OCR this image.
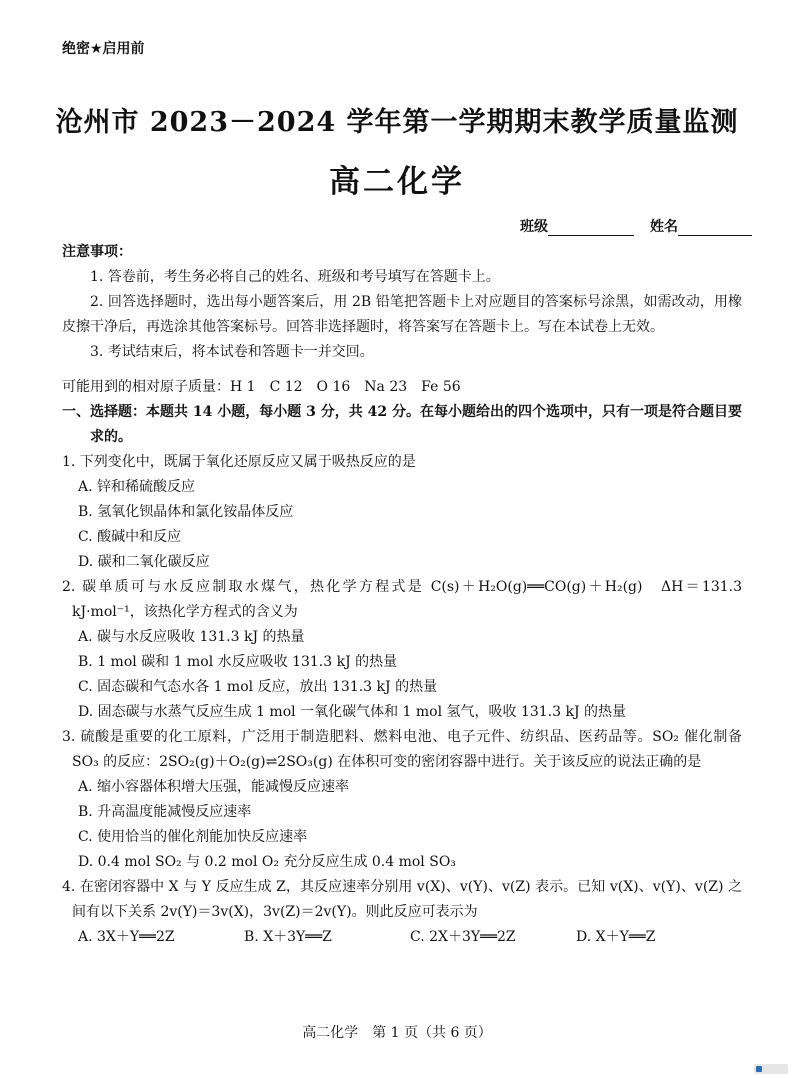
绝密★启用前
沧州市 2023－2024 学年第一学期期末教学质量监测
高二化学
班级	姓名
注意事项：

1. 答卷前，考生务必将自己的姓名、班级和考号填写在答题卡上。

2. 回答选择题时，选出每小题答案后，用 2B 铅笔把答题卡上对应题目的答案标号涂黑，如需改动，用橡皮擦干净后，再选涂其他答案标号。回答非选择题时，将答案写在答题卡上。写在本试卷上无效。

3. 考试结束后，将本试卷和答题卡一并交回。

可能用到的相对原子质量：H 1　C 12　O 16　Na 23　Fe 56
一、选择题：本题共 14 小题，每小题 3 分，共 42 分。在每小题给出的四个选项中，只有一项是符合题目要求的。

1. 下列变化中，既属于氧化还原反应又属于吸热反应的是

A. 锌和稀硫酸反应

B. 氢氧化钡晶体和氯化铵晶体反应

C. 酸碱中和反应

D. 碳和二氧化碳反应

2. 碳单质可与水反应制取水煤气，热化学方程式是 C(s)＋H₂O(g)══CO(g)＋H₂(g)　ΔH＝131.3 kJ·mol⁻¹，该热化学方程式的含义为

A. 碳与水反应吸收 131.3 kJ 的热量

B. 1 mol 碳和 1 mol 水反应吸收 131.3 kJ 的热量

C. 固态碳和气态水各 1 mol 反应，放出 131.3 kJ 的热量

D. 固态碳与水蒸气反应生成 1 mol 一氧化碳气体和 1 mol 氢气，吸收 131.3 kJ 的热量

3. 硫酸是重要的化工原料，广泛用于制造肥料、燃料电池、电子元件、纺织品、医药品等。SO₂ 催化制备 SO₃ 的反应：2SO₂(g)＋O₂(g)⇌2SO₃(g) 在体积可变的密闭容器中进行。关于该反应的说法正确的是

A. 缩小容器体积增大压强，能减慢反应速率

B. 升高温度能减慢反应速率

C. 使用恰当的催化剂能加快反应速率

D. 0.4 mol SO₂ 与 0.2 mol O₂ 充分反应生成 0.4 mol SO₃

4. 在密闭容器中 X 与 Y 反应生成 Z，其反应速率分别用 v(X)、v(Y)、v(Z) 表示。已知 v(X)、v(Y)、v(Z) 之间有以下关系 2v(Y)＝3v(X)，3v(Z)＝2v(Y)。则此反应可表示为

A. 3X＋Y══2Z	B. X＋3Y══Z	C. 2X＋3Y══2Z	D. X＋Y══Z
高二化学　第 1 页（共 6 页）
